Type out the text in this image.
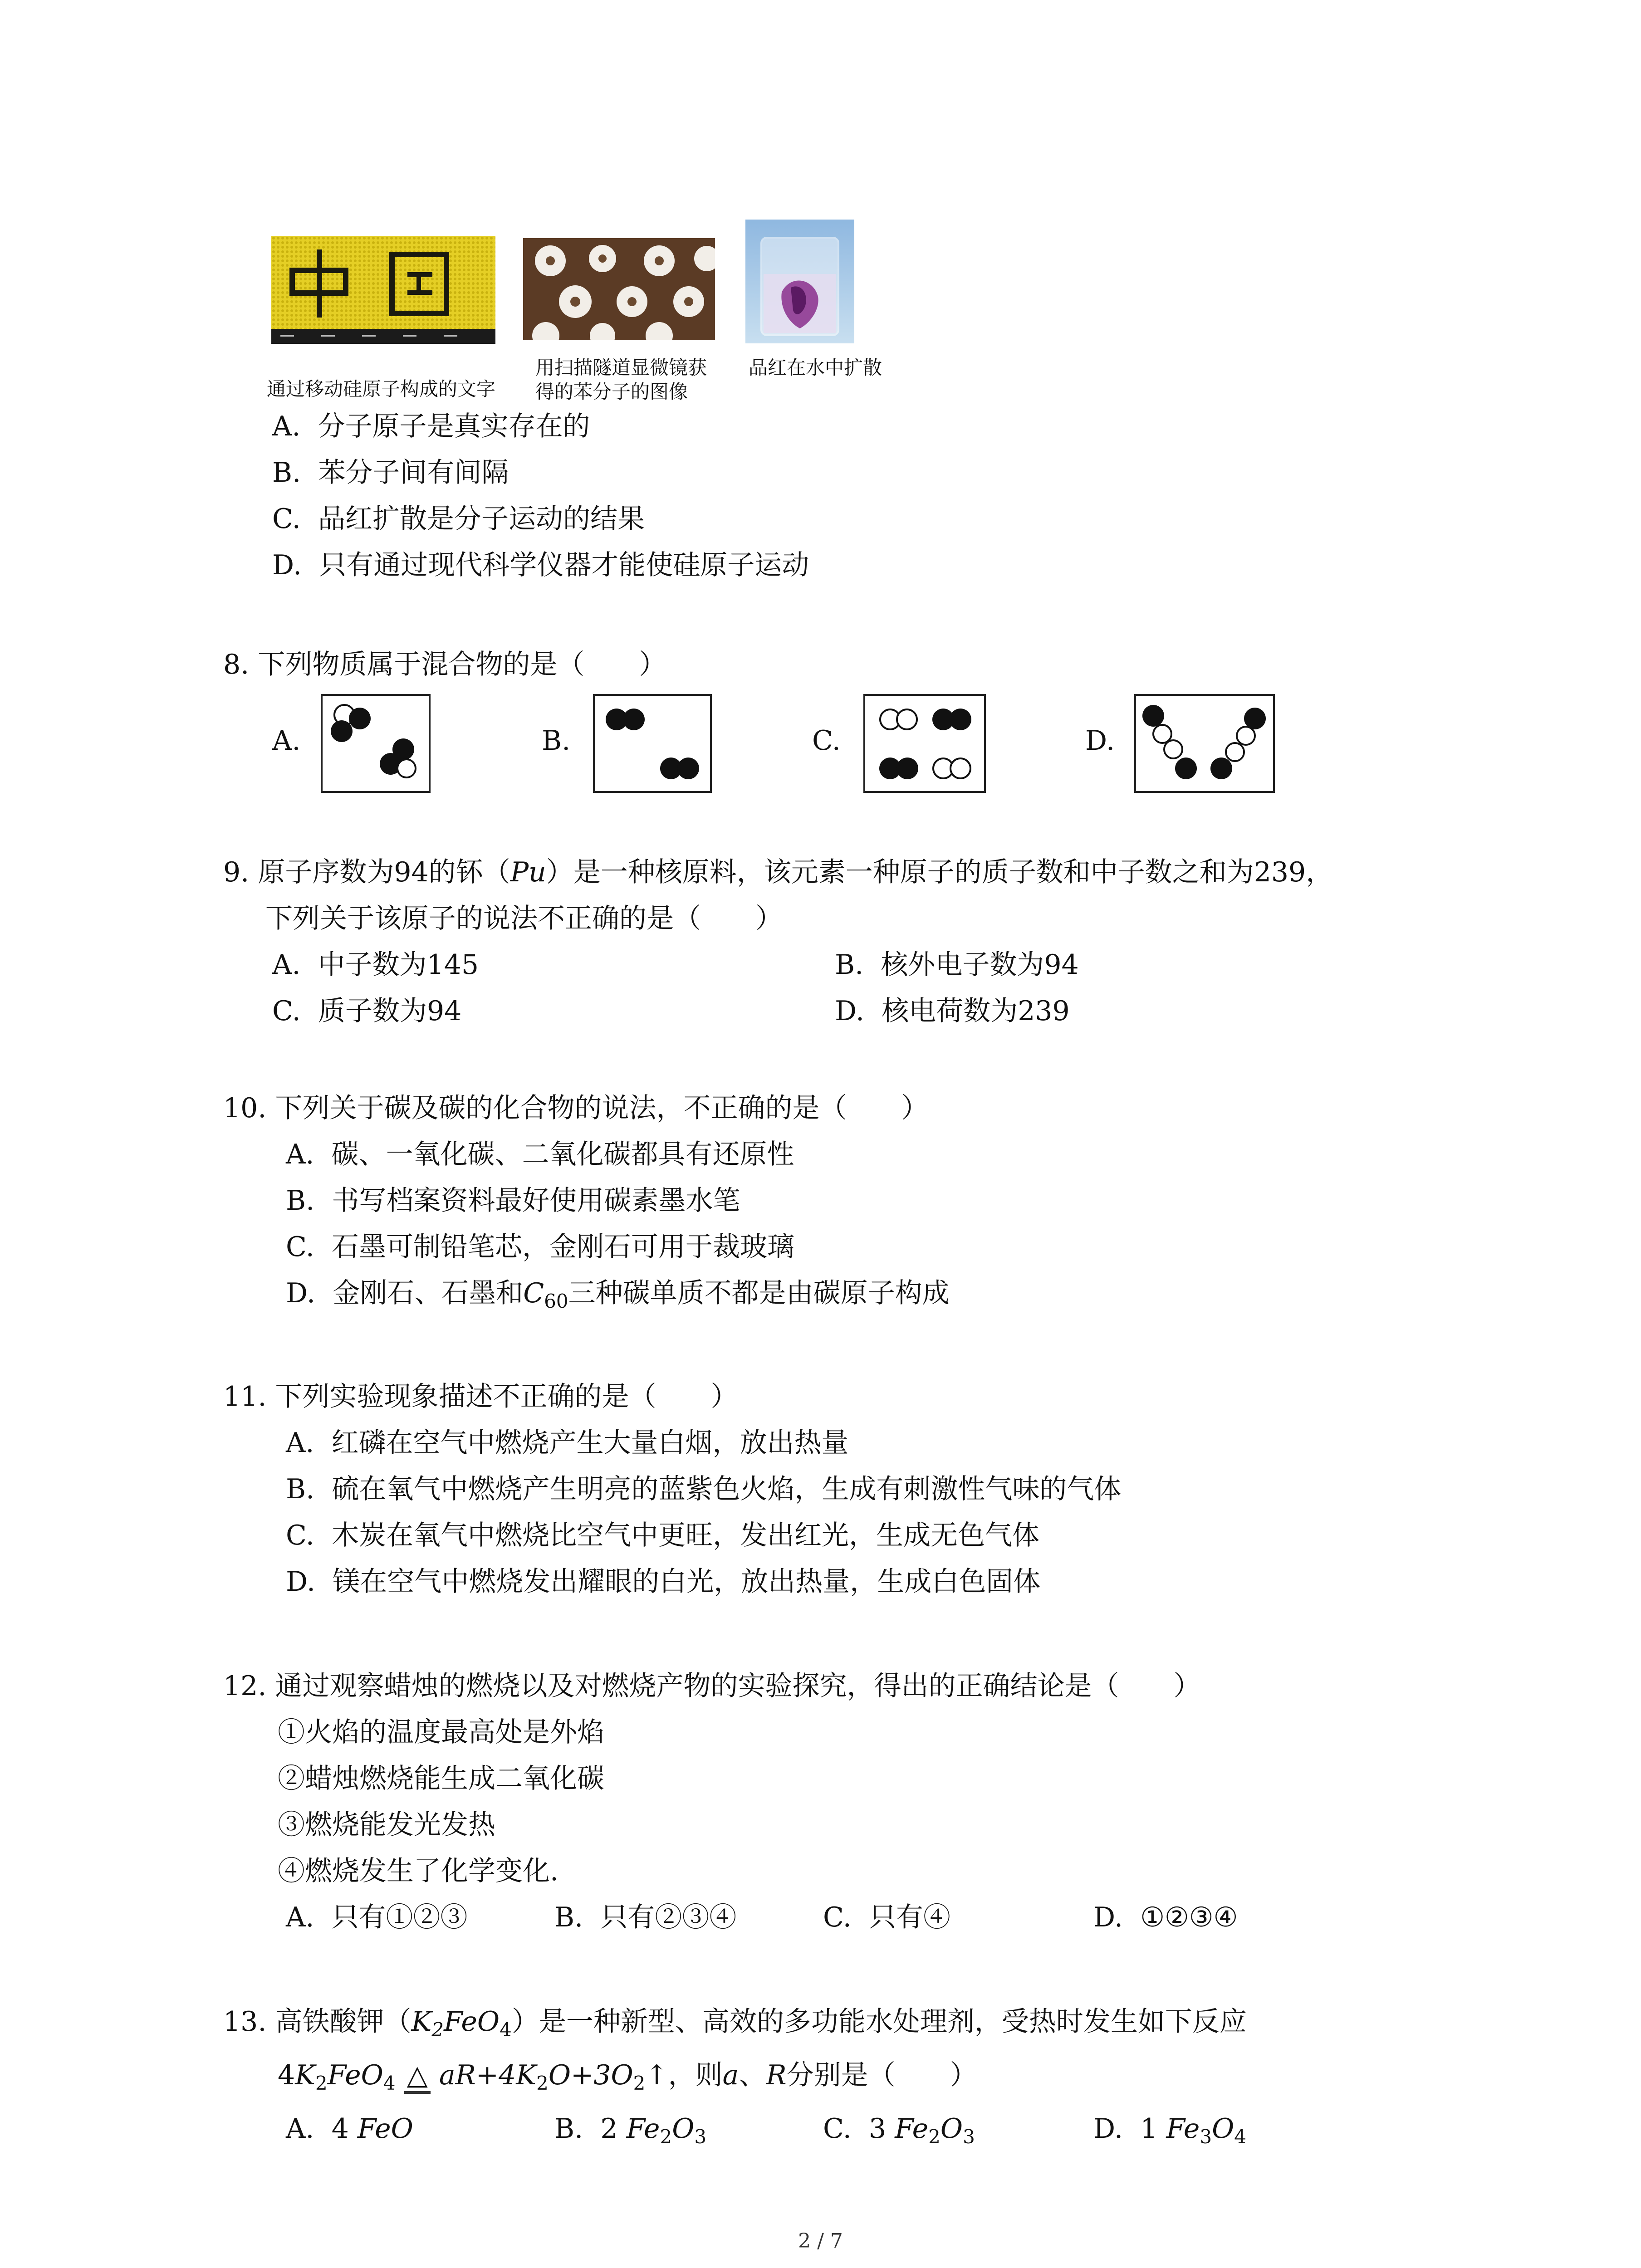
通过移动硅原子构成的文字
用扫描隧道显微镜获
得的苯分子的图像
品红在水中扩散
A. 分子原子是真实存在的
B. 苯分子间有间隔
C. 品红扩散是分子运动的结果
D. 只有通过现代科学仪器才能使硅原子运动
8. 下列物质属于混合物的是（　　）
A.	B.	C.	D.
9. 原子序数为94的钚（Pu）是一种核原料，该元素一种原子的质子数和中子数之和为239，
下列关于该原子的说法不正确的是（　　）
A. 中子数为145	B. 核外电子数为94
C. 质子数为94	D. 核电荷数为239
10. 下列关于碳及碳的化合物的说法，不正确的是（　　）
A. 碳、一氧化碳、二氧化碳都具有还原性
B. 书写档案资料最好使用碳素墨水笔
C. 石墨可制铅笔芯，金刚石可用于裁玻璃
D. 金刚石、石墨和$C_{60}$三种碳单质不都是由碳原子构成
11. 下列实验现象描述不正确的是（　　）
A. 红磷在空气中燃烧产生大量白烟，放出热量
B. 硫在氧气中燃烧产生明亮的蓝紫色火焰，生成有刺激性气味的气体
C. 木炭在氧气中燃烧比空气中更旺，发出红光，生成无色气体
D. 镁在空气中燃烧发出耀眼的白光，放出热量，生成白色固体
12. 通过观察蜡烛的燃烧以及对燃烧产物的实验探究，得出的正确结论是（　　）
①火焰的温度最高处是外焰
②蜡烛燃烧能生成二氧化碳
③燃烧能发光发热
④燃烧发生了化学变化.
A. 只有①②③	B. 只有②③④	C. 只有④	D. ①②③④
13. 高铁酸钾$(K_2FeO_4)$是一种新型、高效的多功能水处理剂，受热时发生如下反应
$4K_2FeO_4$ △ $aR+4K_2O+3O_2↑$，则a、R分别是（　　）
A. 4 FeO	B. 2 $Fe_2O_3$	C. 3 $Fe_2O_3$	D. 1 $Fe_3O_4$
2 / 7
